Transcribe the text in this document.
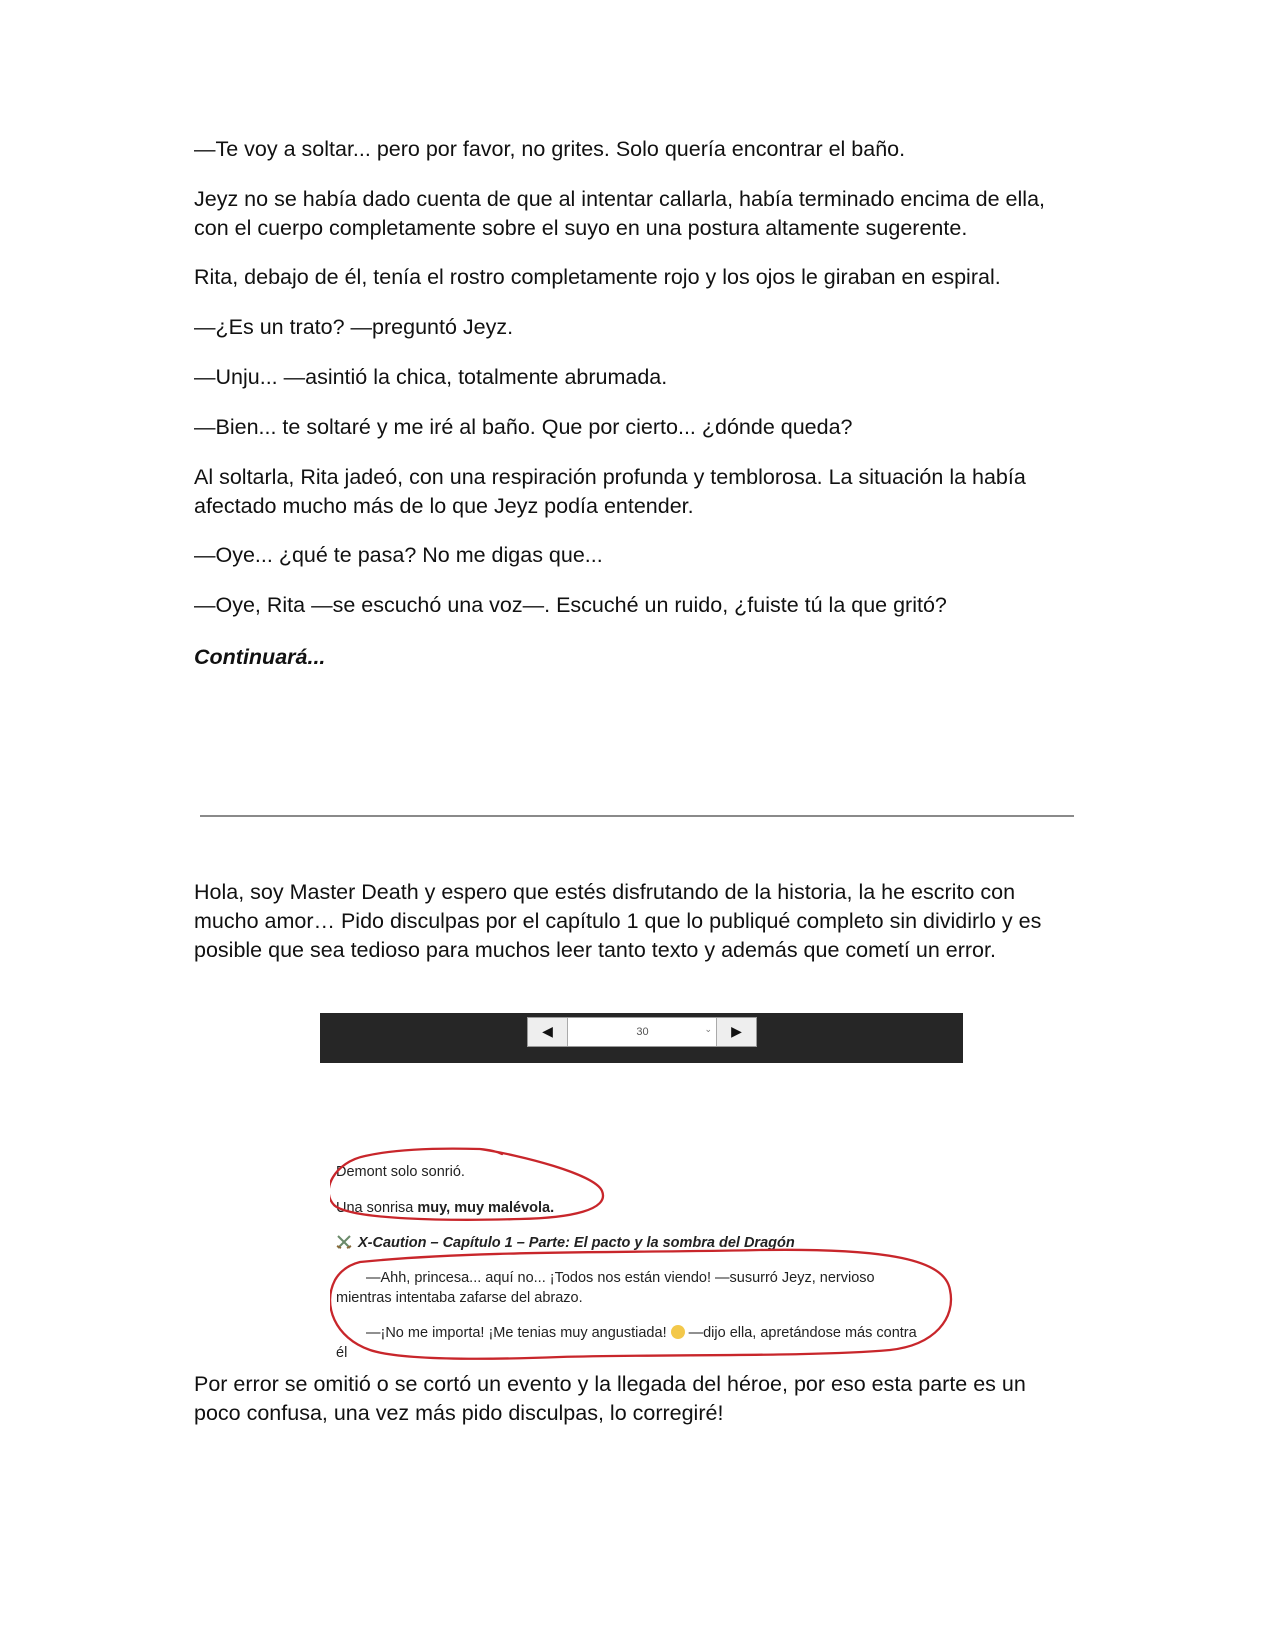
—Te voy a soltar... pero por favor, no grites. Solo quería encontrar el baño.

Jeyz no se había dado cuenta de que al intentar callarla, había terminado encima de ella, con el cuerpo completamente sobre el suyo en una postura altamente sugerente.

Rita, debajo de él, tenía el rostro completamente rojo y los ojos le giraban en espiral.

—¿Es un trato? —preguntó Jeyz.

—Unju... —asintió la chica, totalmente abrumada.

—Bien... te soltaré y me iré al baño. Que por cierto... ¿dónde queda?

Al soltarla, Rita jadeó, con una respiración profunda y temblorosa. La situación la había afectado mucho más de lo que Jeyz podía entender.

—Oye... ¿qué te pasa? No me digas que...

—Oye, Rita —se escuchó una voz—. Escuché un ruido, ¿fuiste tú la que gritó?

Continuará...

Hola, soy Master Death y espero que estés disfrutando de la historia, la he escrito con mucho amor… Pido disculpas por el capítulo 1 que lo publiqué completo sin dividirlo y es posible que sea tedioso para muchos leer tanto texto y además que cometí un error.

◀	30	⌄ ▶

Demont solo sonrió.

Una sonrisa muy, muy malévola.

X-Caution – Capítulo 1 – Parte: El pacto y la sombra del Dragón

—Ahh, princesa... aquí no... ¡Todos nos están viendo! —susurró Jeyz, nervioso

mientras intentaba zafarse del abrazo.

—¡No me importa! ¡Me tenias muy angustiada! —dijo ella, apretándose más contra

él

Por error se omitió o se cortó un evento y la llegada del héroe, por eso esta parte es un poco confusa, una vez más pido disculpas, lo corregiré!
